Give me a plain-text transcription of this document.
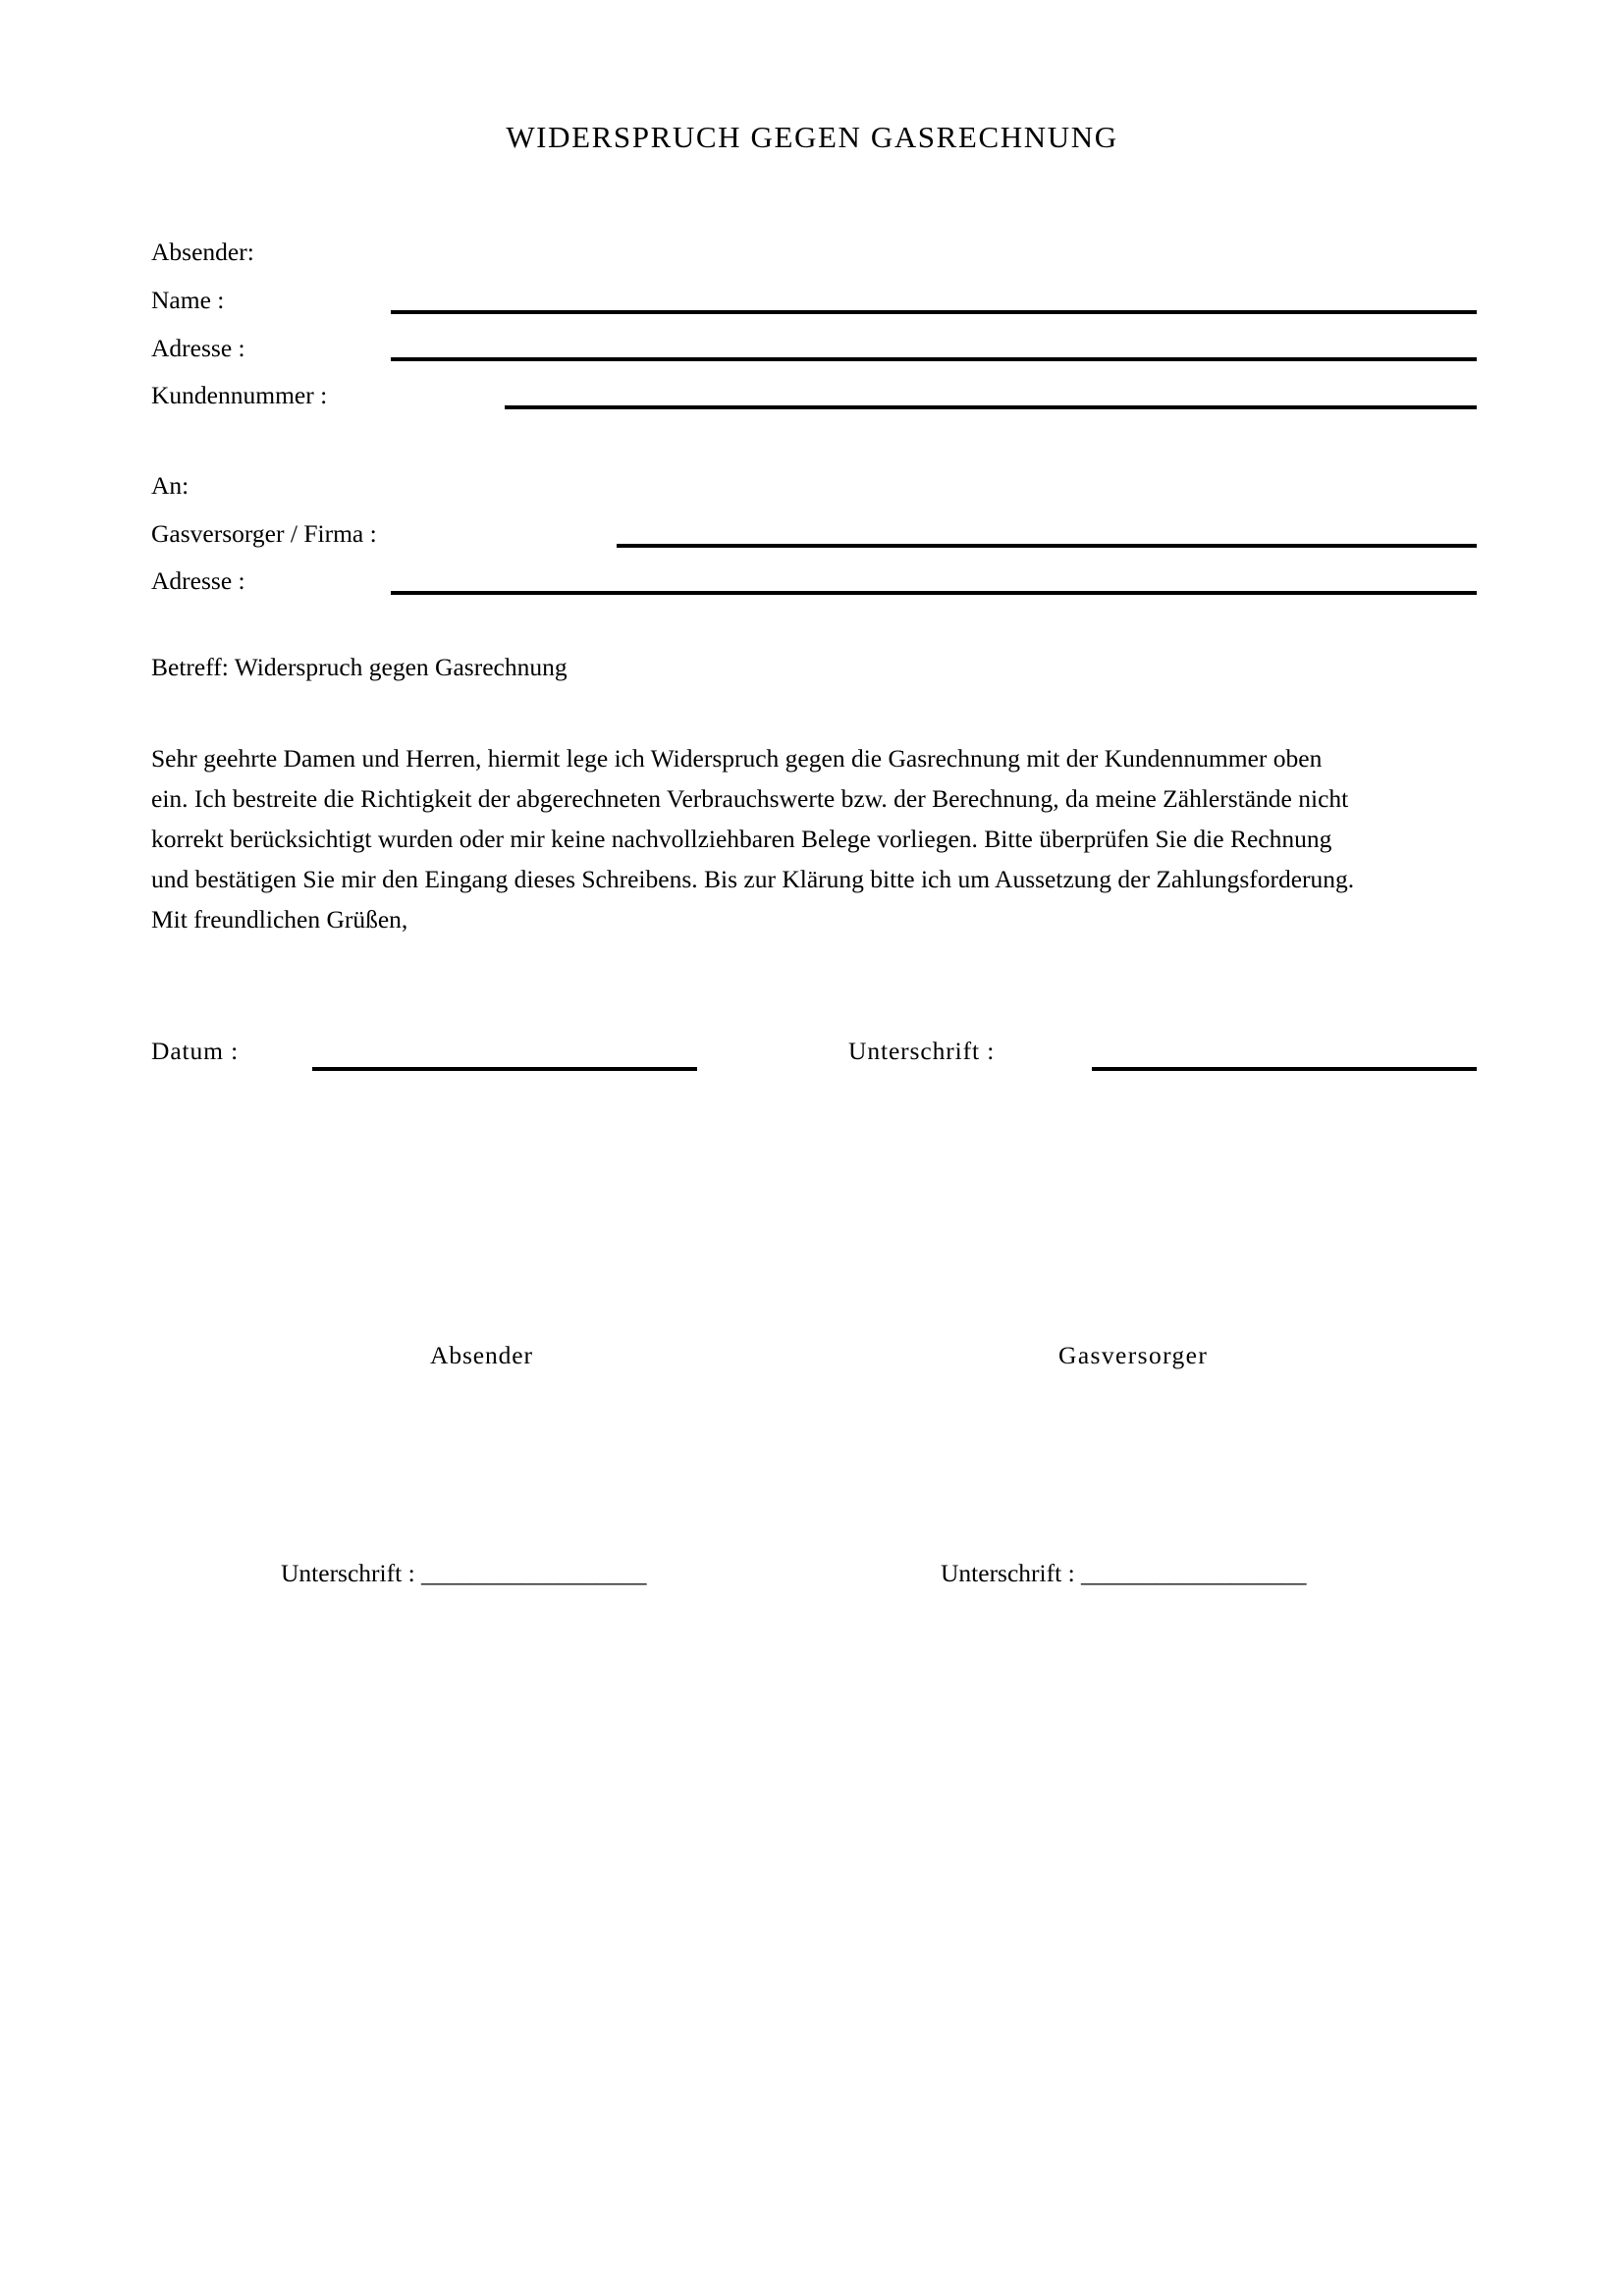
WIDERSPRUCH GEGEN GASRECHNUNG
Absender:
Name :
Adresse :
Kundennummer :
An:
Gasversorger / Firma :
Adresse :
Betreff: Widerspruch gegen Gasrechnung
Sehr geehrte Damen und Herren, hiermit lege ich Widerspruch gegen die Gasrechnung mit der Kundennummer oben
ein. Ich bestreite die Richtigkeit der abgerechneten Verbrauchswerte bzw. der Berechnung, da meine Zählerstände nicht
korrekt berücksichtigt wurden oder mir keine nachvollziehbaren Belege vorliegen. Bitte überprüfen Sie die Rechnung
und bestätigen Sie mir den Eingang dieses Schreibens. Bis zur Klärung bitte ich um Aussetzung der Zahlungsforderung.
Mit freundlichen Grüßen,
Datum :	Unterschrift :
Absender	Gasversorger
Unterschrift : __________________	Unterschrift : __________________
